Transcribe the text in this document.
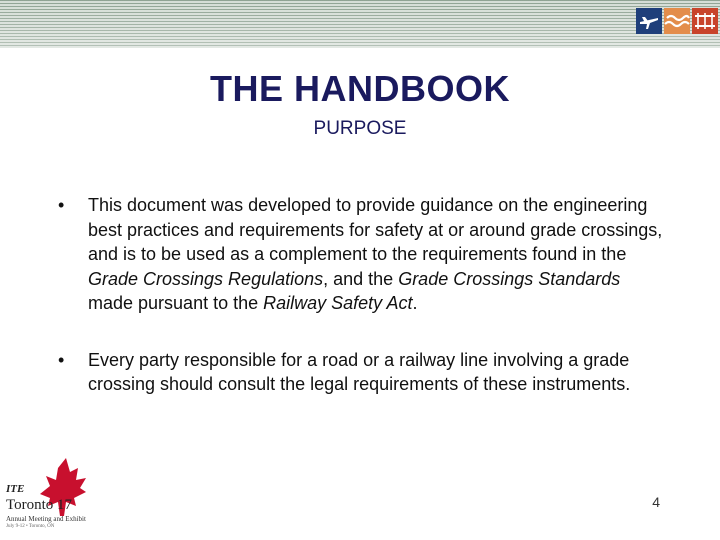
THE HANDBOOK
PURPOSE
•	This document was developed to provide guidance on the engineering best practices and requirements for safety at or around grade crossings, and is to be used as a complement to the requirements found in the Grade Crossings Regulations, and the Grade Crossings Standards made pursuant to the Railway Safety Act.
•	Every party responsible for a road or a railway line involving a grade crossing should consult the legal requirements of these instruments.
ITE
Toronto 17
Annual Meeting and Exhibit
July 9-12 • Toronto, ON
4
